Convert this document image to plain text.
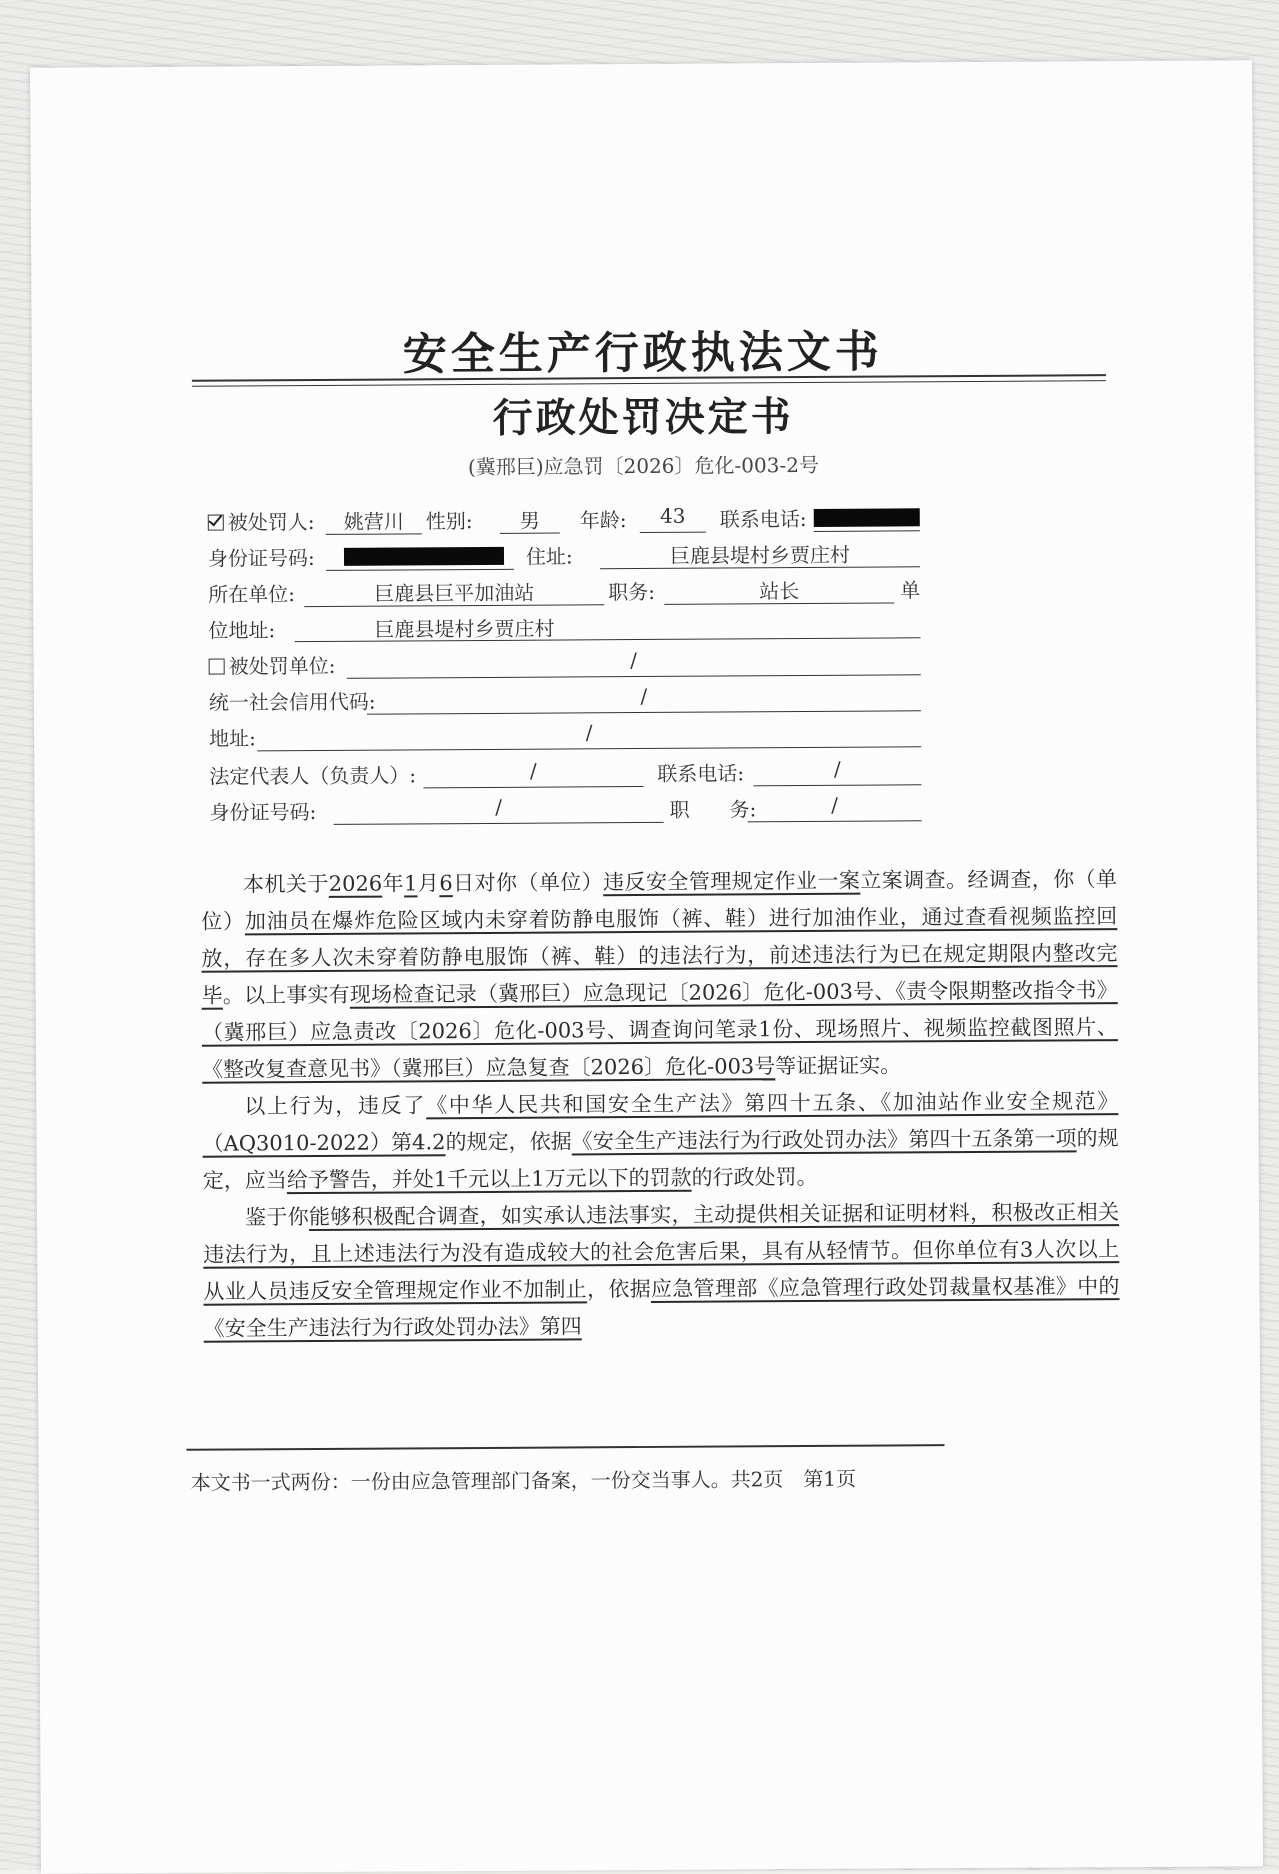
安全生产行政执法文书
行政处罚决定书
(冀邢巨)应急罚〔2026〕危化-003-2号
被处罚人:	姚营川	性别:	男	年龄:	43	联系电话:
身份证号码:	住址:	巨鹿县堤村乡贾庄村
所在单位:	巨鹿县巨平加油站	职务:	站长	单
位地址:	巨鹿县堤村乡贾庄村
被处罚单位:	/
统一社会信用代码:	/
地址:	/
法定代表人（负责人）:	/	联系电话:	/
身份证号码:	/	职　　务:	/

本机关于2026年1月6日对你（单位）违反安全管理规定作业一案立案调查。经调查，你（单位）加油员在爆炸危险区域内未穿着防静电服饰（裤、鞋）进行加油作业，通过查看视频监控回放，存在多人次未穿着防静电服饰（裤、鞋）的违法行为，前述违法行为已在规定期限内整改完毕。以上事实有现场检查记录（冀邢巨）应急现记〔2026〕危化-003号、《责令限期整改指令书》（冀邢巨）应急责改〔2026〕危化-003号、调查询问笔录1份、现场照片、视频监控截图照片、《整改复查意见书》（冀邢巨）应急复查〔2026〕危化-003号等证据证实。

以上行为，违反了《中华人民共和国安全生产法》第四十五条、《加油站作业安全规范》（AQ3010-2022）第4.2的规定，依据《安全生产违法行为行政处罚办法》第四十五条第一项的规定，应当给予警告，并处1千元以上1万元以下的罚款的行政处罚。

鉴于你能够积极配合调查，如实承认违法事实，主动提供相关证据和证明材料，积极改正相关违法行为，且上述违法行为没有造成较大的社会危害后果，具有从轻情节。但你单位有3人次以上从业人员违反安全管理规定作业不加制止，依据应急管理部《应急管理行政处罚裁量权基准》中的《安全生产违法行为行政处罚办法》第四

本文书一式两份：一份由应急管理部门备案，一份交当事人。共2页　第1页
